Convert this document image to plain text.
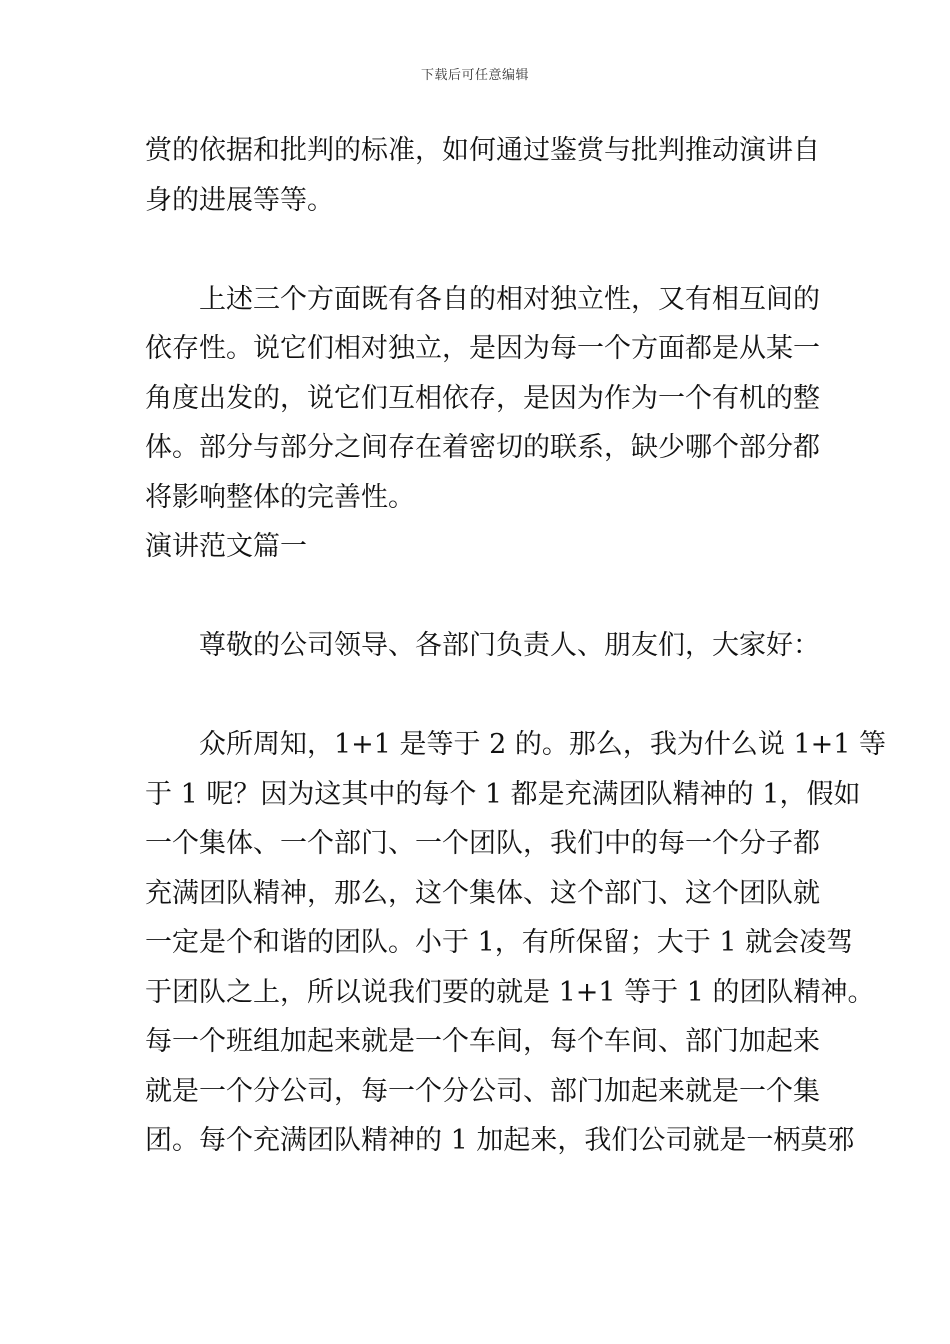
下载后可任意编辑
赏的依据和批判的标准，如何通过鉴赏与批判推动演讲自
身的进展等等。
上述三个方面既有各自的相对独立性，又有相互间的
依存性。说它们相对独立，是因为每一个方面都是从某一
角度出发的，说它们互相依存，是因为作为一个有机的整
体。部分与部分之间存在着密切的联系，缺少哪个部分都
将影响整体的完善性。
演讲范文篇一
尊敬的公司领导、各部门负责人、朋友们，大家好：
众所周知，1+1 是等于 2 的。那么，我为什么说 1+1 等
于 1 呢？因为这其中的每个 1 都是充满团队精神的 1，假如
一个集体、一个部门、一个团队，我们中的每一个分子都
充满团队精神，那么，这个集体、这个部门、这个团队就
一定是个和谐的团队。小于 1，有所保留；大于 1 就会凌驾
于团队之上，所以说我们要的就是 1+1 等于 1 的团队精神。
每一个班组加起来就是一个车间，每个车间、部门加起来
就是一个分公司，每一个分公司、部门加起来就是一个集
团。每个充满团队精神的 1 加起来，我们公司就是一柄莫邪
